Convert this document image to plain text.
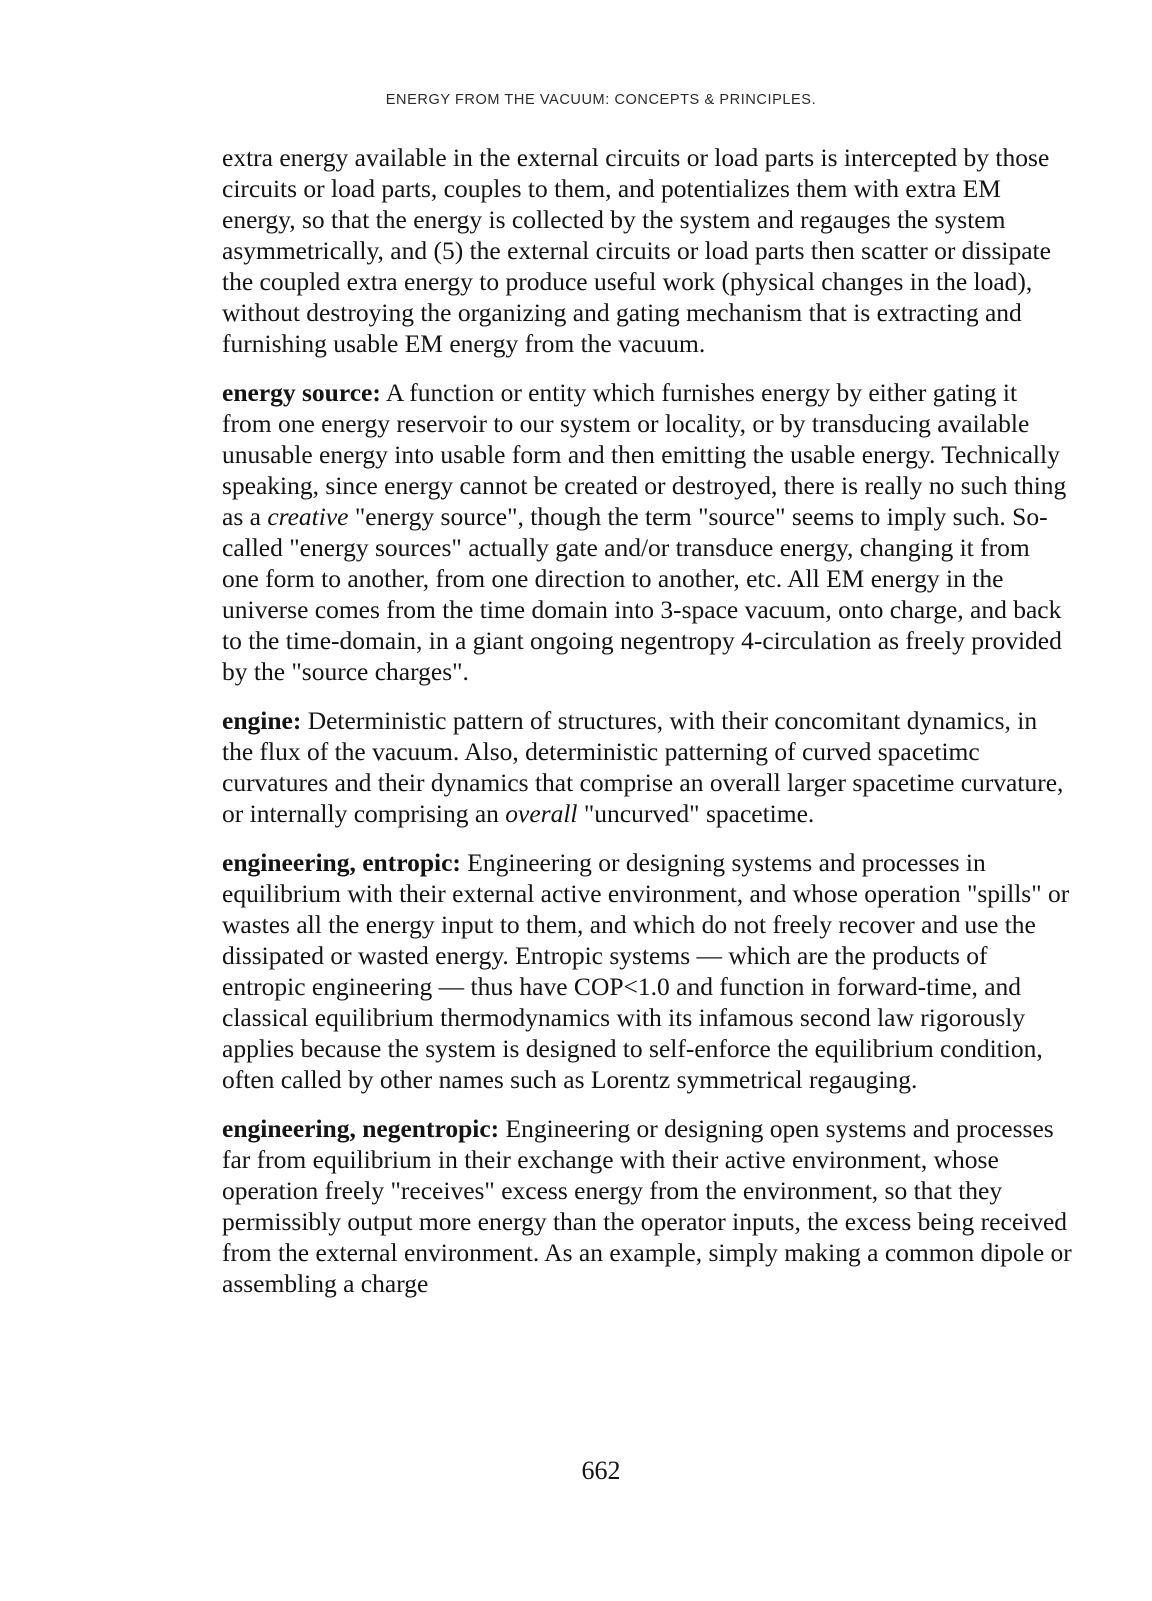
ENERGY FROM THE VACUUM: CONCEPTS & PRINCIPLES.

extra energy available in the external circuits or load parts is intercepted by those circuits or load parts, couples to them, and potentializes them with extra EM energy, so that the energy is collected by the system and regauges the system asymmetrically, and (5) the external circuits or load parts then scatter or dissipate the coupled extra energy to produce useful work (physical changes in the load), without destroying the organizing and gating mechanism that is extracting and furnishing usable EM energy from the vacuum.

energy source: A function or entity which furnishes energy by either gating it from one energy reservoir to our system or locality, or by transducing available unusable energy into usable form and then emitting the usable energy. Technically speaking, since energy cannot be created or destroyed, there is really no such thing as a creative "energy source", though the term "source" seems to imply such. So-called "energy sources" actually gate and/or transduce energy, changing it from one form to another, from one direction to another, etc. All EM energy in the universe comes from the time domain into 3-space vacuum, onto charge, and back to the time-domain, in a giant ongoing negentropy 4-circulation as freely provided by the "source charges".

engine: Deterministic pattern of structures, with their concomitant dynamics, in the flux of the vacuum. Also, deterministic patterning of curved spacetimc curvatures and their dynamics that comprise an overall larger spacetime curvature, or internally comprising an overall "uncurved" spacetime.

engineering, entropic: Engineering or designing systems and processes in equilibrium with their external active environment, and whose operation "spills" or wastes all the energy input to them, and which do not freely recover and use the dissipated or wasted energy. Entropic systems — which are the products of entropic engineering — thus have COP<1.0 and function in forward-time, and classical equilibrium thermodynamics with its infamous second law rigorously applies because the system is designed to self-enforce the equilibrium condition, often called by other names such as Lorentz symmetrical regauging.

engineering, negentropic: Engineering or designing open systems and processes far from equilibrium in their exchange with their active environment, whose operation freely "receives" excess energy from the environment, so that they permissibly output more energy than the operator inputs, the excess being received from the external environment. As an example, simply making a common dipole or assembling a charge

662
